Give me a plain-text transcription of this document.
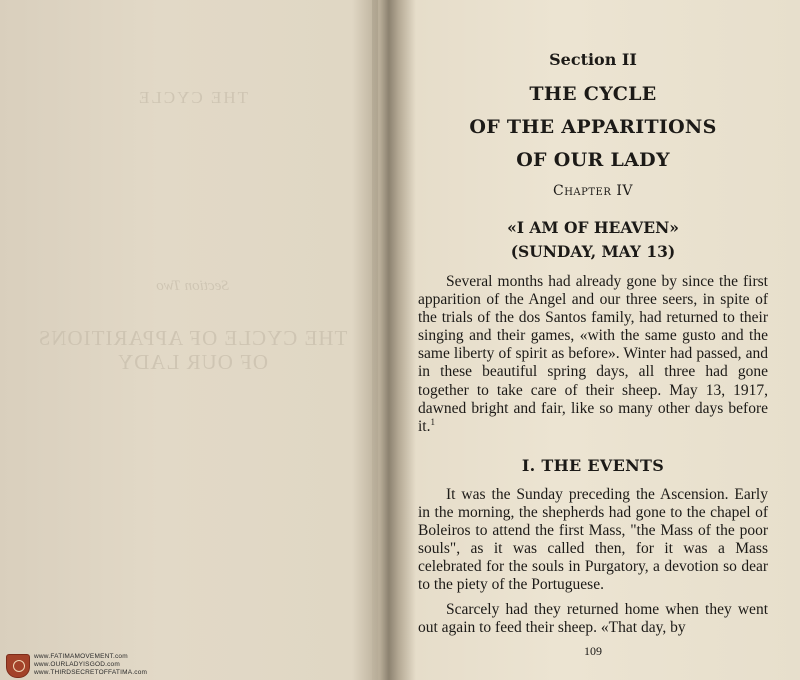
THE CYCLE
Section Two
THE CYCLE OF APPARITIONS
OF OUR LADY
www.FATIMAMOVEMENT.com
www.OURLADYISGOD.com
www.THIRDSECRETOFFATIMA.com
Section II
THE CYCLE
OF THE APPARITIONS
OF OUR LADY
Chapter IV
«I AM OF HEAVEN»
(SUNDAY, MAY 13)

Several months had already gone by since the first apparition of the Angel and our three seers, in spite of the trials of the dos Santos family, had returned to their singing and their games, «with the same gusto and the same liberty of spirit as before». Winter had passed, and in these beautiful spring days, all three had gone together to take care of their sheep. May 13, 1917, dawned bright and fair, like so many other days before it.$^1$

I. THE EVENTS

It was the Sunday preceding the Ascension. Early in the morning, the shepherds had gone to the chapel of Boleiros to attend the first Mass, "the Mass of the poor souls", as it was called then, for it was a Mass celebrated for the souls in Purgatory, a devotion so dear to the piety of the Portuguese.

Scarcely had they returned home when they went out again to feed their sheep. «That day, by

109
